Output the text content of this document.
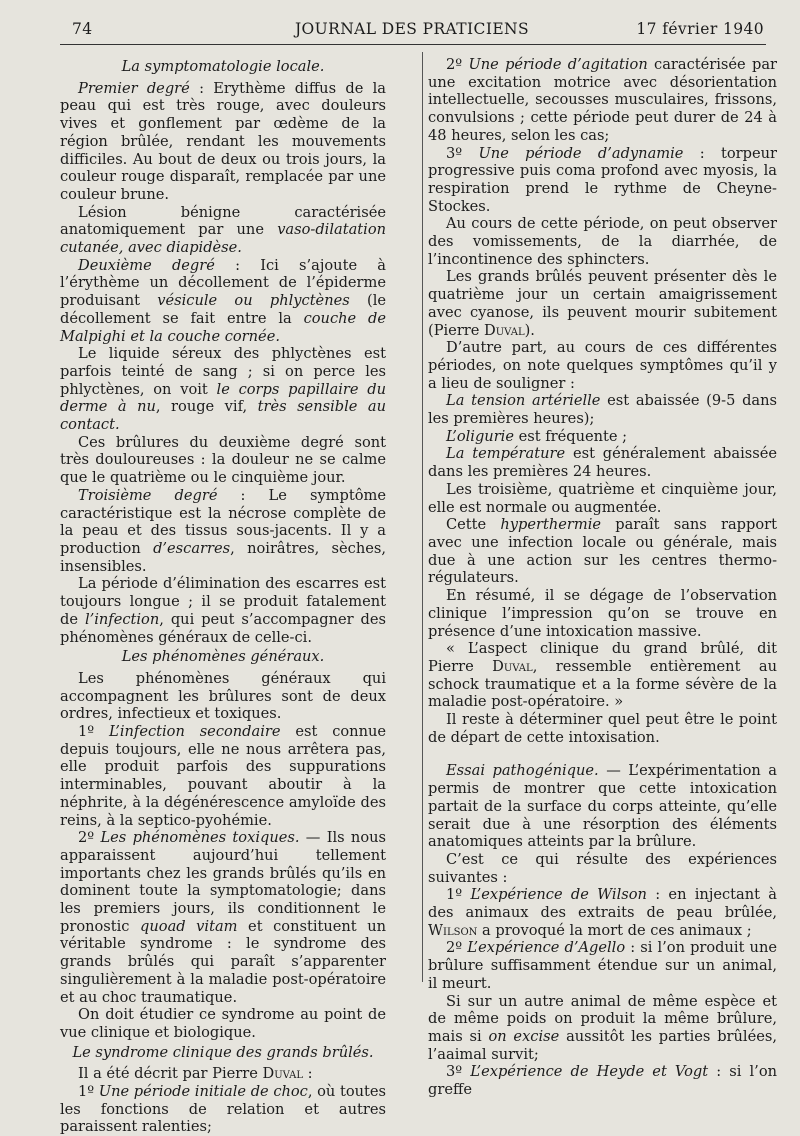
74	JOURNAL DES PRATICIENS	17 février 1940

La symptomatologie locale.

Premier degré : Erythème diffus de la peau qui est très rouge, avec douleurs vives et gonflement par œdème de la région brûlée, rendant les mouvements difficiles. Au bout de deux ou trois jours, la couleur rouge disparaît, remplacée par une couleur brune.

Lésion bénigne caractérisée anatomiquement par une vaso-dilatation cutanée, avec diapidèse.

Deuxième degré : Ici s’ajoute à l’érythème un décollement de l’épiderme produisant vésicule ou phlyctènes (le décollement se fait entre la couche de Malpighi et la couche cornée.

Le liquide séreux des phlyctènes est parfois teinté de sang ; si on perce les phlyctènes, on voit le corps papillaire du derme à nu, rouge vif, très sensible au contact.

Ces brûlures du deuxième degré sont très douloureuses : la douleur ne se calme que le quatrième ou le cinquième jour.

Troisième degré : Le symptôme caractéristique est la nécrose complète de la peau et des tissus sous-jacents. Il y a production d’escarres, noirâtres, sèches, insensibles.

La période d’élimination des escarres est toujours longue ; il se produit fatalement de l’infection, qui peut s’accompagner des phénomènes généraux de celle-ci.

Les phénomènes généraux.

Les phénomènes généraux qui accompagnent les brûlures sont de deux ordres, infectieux et toxiques.

1º L’infection secondaire est connue depuis toujours, elle ne nous arrêtera pas, elle produit parfois des suppurations interminables, pouvant aboutir à la néphrite, à la dégénérescence amyloïde des reins, à la septico-pyohémie.

2º Les phénomènes toxiques. — Ils nous apparaissent aujourd’hui tellement importants chez les grands brûlés qu’ils en dominent toute la symptomatologie; dans les premiers jours, ils conditionnent le pronostic quoad vitam et constituent un véritable syndrome : le syndrome des grands brûlés qui paraît s’apparenter singulièrement à la maladie post-opératoire et au choc traumatique.

On doit étudier ce syndrome au point de vue clinique et biologique.

Le syndrome clinique des grands brûlés.

Il a été décrit par Pierre Duval :

1º Une période initiale de choc, où toutes les fonctions de relation et autres paraissent ralenties;

2º Une période d’agitation caractérisée par une excitation motrice avec désorientation intellectuelle, secousses musculaires, frissons, convulsions ; cette période peut durer de 24 à 48 heures, selon les cas;

3º Une période d’adynamie : torpeur progressive puis coma profond avec myosis, la respiration prend le rythme de Cheyne-Stockes.

Au cours de cette période, on peut observer des vomissements, de la diarrhée, de l’incontinence des sphincters.

Les grands brûlés peuvent présenter dès le quatrième jour un certain amaigrissement avec cyanose, ils peuvent mourir subitement (Pierre Duval).

D’autre part, au cours de ces différentes périodes, on note quelques symptômes qu’il y a lieu de souligner :

La tension artérielle est abaissée (9-5 dans les premières heures);

L’oligurie est fréquente ;

La température est généralement abaissée dans les premières 24 heures.

Les troisième, quatrième et cinquième jour, elle est normale ou augmentée.

Cette hyperthermie paraît sans rapport avec une infection locale ou générale, mais due à une action sur les centres thermo-régulateurs.

En résumé, il se dégage de l’observation clinique l’impression qu’on se trouve en présence d’une intoxication massive.

« L’aspect clinique du grand brûlé, dit Pierre Duval, ressemble entièrement au schock traumatique et a la forme sévère de la maladie post-opératoire. »

Il reste à déterminer quel peut être le point de départ de cette intoxisation.

Essai pathogénique. — L’expérimentation a permis de montrer que cette intoxication partait de la surface du corps atteinte, qu’elle serait due à une résorption des éléments anatomiques atteints par la brûlure.

C’est ce qui résulte des expériences suivantes :

1º L’expérience de Wilson : en injectant à des animaux des extraits de peau brûlée, Wilson a provoqué la mort de ces animaux ;

2º L’expérience d’Agello : si l’on produit une brûlure suffisamment étendue sur un animal, il meurt.

Si sur un autre animal de même espèce et de même poids on produit la même brûlure, mais si on excise aussitôt les parties brûlées, l’aaimal survit;

3º L’expérience de Heyde et Vogt : si l’on greffe
